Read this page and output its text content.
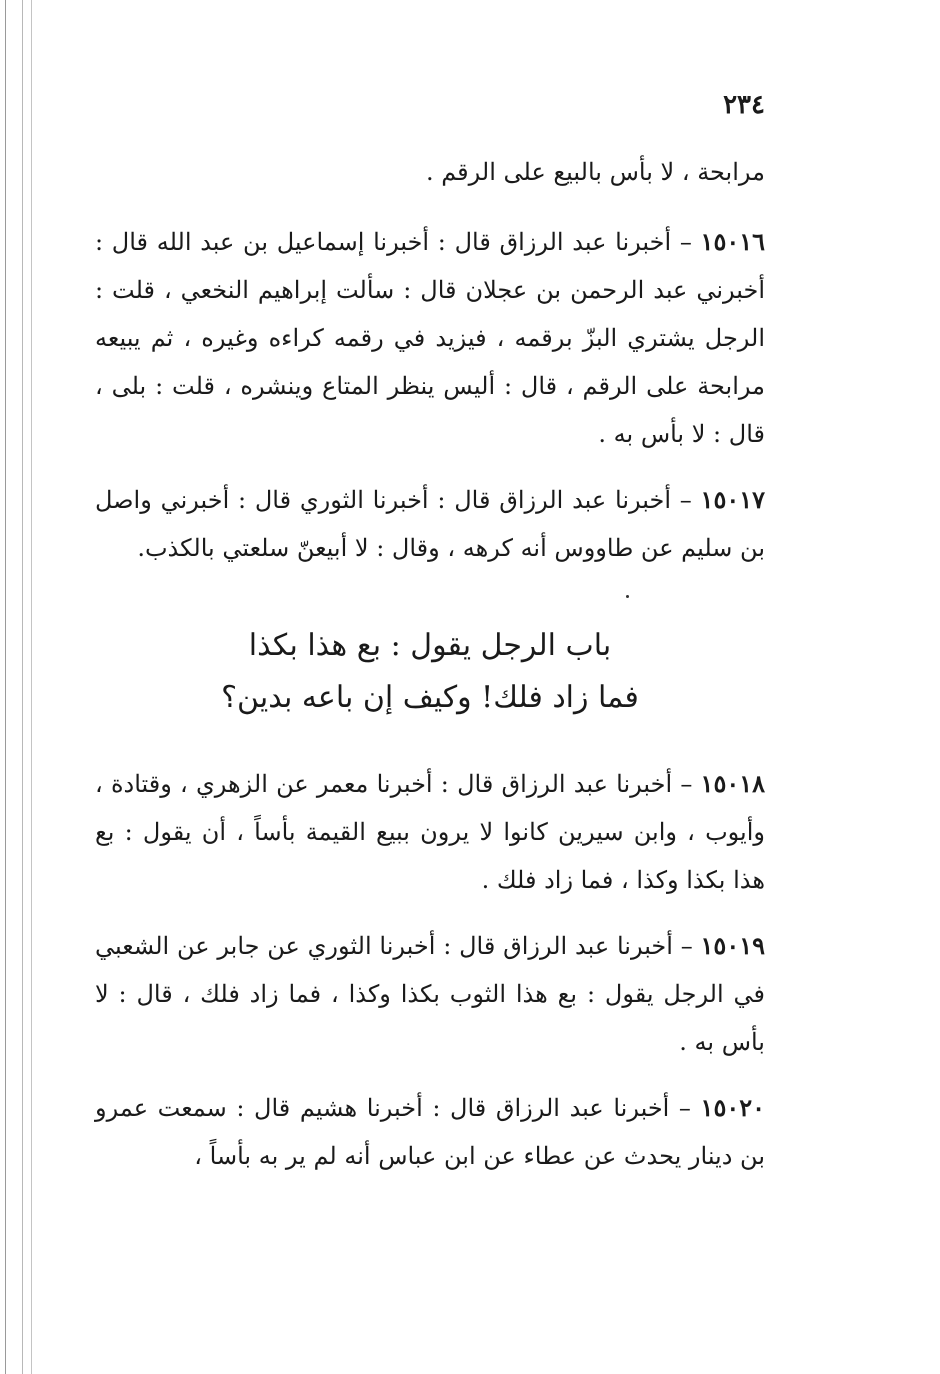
٢٣٤

مرابحة ، لا بأس بالبيع على الرقم .

١٥٠١٦ – أخبرنا عبد الرزاق قال : أخبرنا إسماعيل بن عبد الله قال : أخبرني عبد الرحمن بن عجلان قال : سألت إبراهيم النخعي ، قلت : الرجل يشتري البزّ برقمه ، فيزيد في رقمه كراءه وغيره ، ثم يبيعه مرابحة على الرقم ، قال : أليس ينظر المتاع وينشره ، قلت : بلى ، قال : لا بأس به .

١٥٠١٧ – أخبرنا عبد الرزاق قال : أخبرنا الثوري قال : أخبرني واصل بن سليم عن طاووس أنه كرهه ، وقال : لا أبيعنّ سلعتي بالكذب.

باب الرجل يقول : بع هذا بكذا
فما زاد فلك! وكيف إن باعه بدين؟

١٥٠١٨ – أخبرنا عبد الرزاق قال : أخبرنا معمر عن الزهري ، وقتادة ، وأيوب ، وابن سيرين كانوا لا يرون ببيع القيمة بأساً ، أن يقول : بع هذا بكذا وكذا ، فما زاد فلك .

١٥٠١٩ – أخبرنا عبد الرزاق قال : أخبرنا الثوري عن جابر عن الشعبي في الرجل يقول : بع هذا الثوب بكذا وكذا ، فما زاد فلك ، قال : لا بأس به .

١٥٠٢٠ – أخبرنا عبد الرزاق قال : أخبرنا هشيم قال : سمعت عمرو بن دينار يحدث عن عطاء عن ابن عباس أنه لم ير به بأساً ،
